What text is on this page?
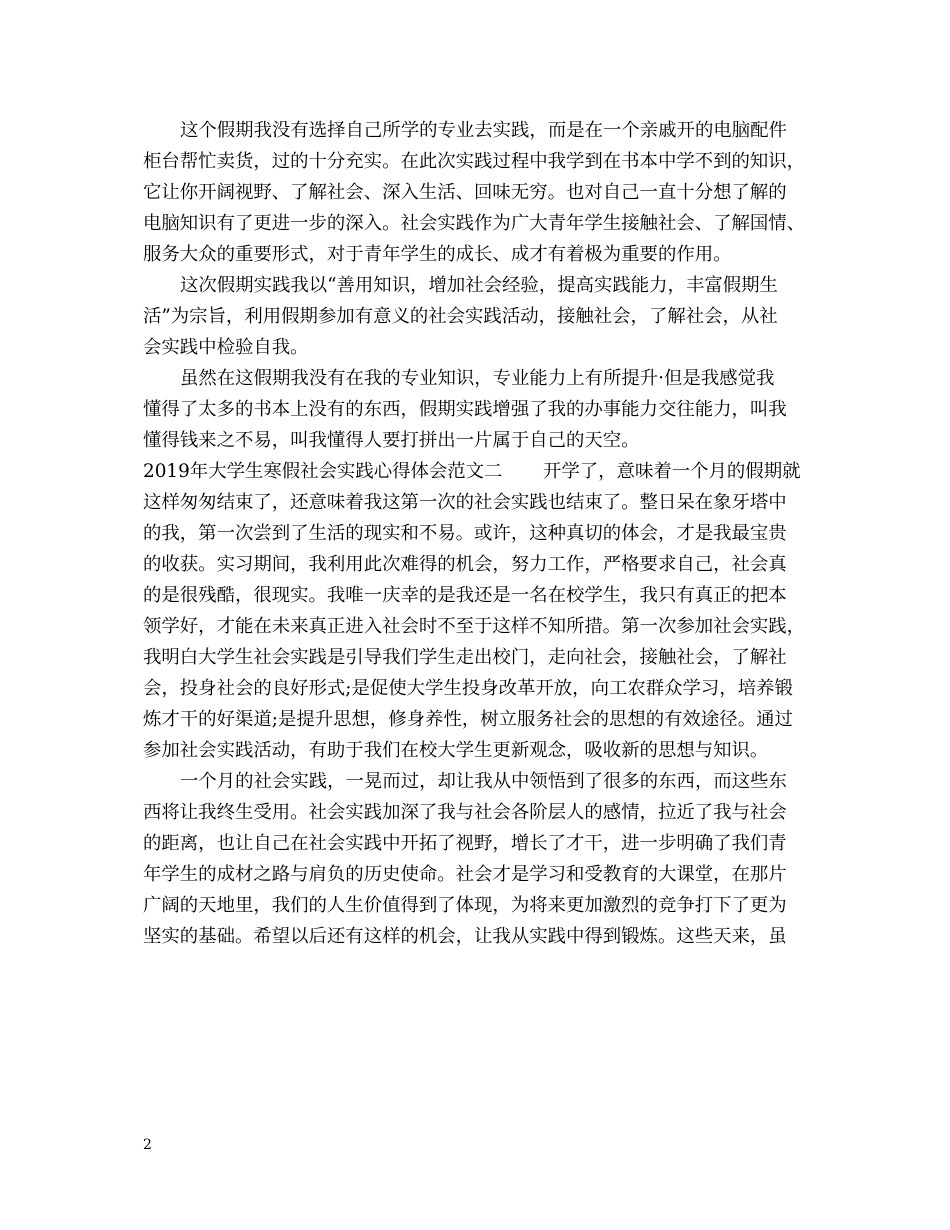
这个假期我没有选择自己所学的专业去实践，而是在一个亲戚开的电脑配件
柜台帮忙卖货，过的十分充实。在此次实践过程中我学到在书本中学不到的知识，
它让你开阔视野、了解社会、深入生活、回味无穷。也对自己一直十分想了解的
电脑知识有了更进一步的深入。社会实践作为广大青年学生接触社会、了解国情、
服务大众的重要形式，对于青年学生的成长、成才有着极为重要的作用。
这次假期实践我以“善用知识，增加社会经验，提高实践能力，丰富假期生
活”为宗旨，利用假期参加有意义的社会实践活动，接触社会，了解社会，从社
会实践中检验自我。
虽然在这假期我没有在我的专业知识，专业能力上有所提升·但是我感觉我
懂得了太多的书本上没有的东西，假期实践增强了我的办事能力交往能力，叫我
懂得钱来之不易，叫我懂得人要打拼出一片属于自己的天空。
2019年大学生寒假社会实践心得体会范文二 开学了，意味着一个月的假期就
这样匆匆结束了，还意味着我这第一次的社会实践也结束了。整日呆在象牙塔中
的我，第一次尝到了生活的现实和不易。或许，这种真切的体会，才是我最宝贵
的收获。实习期间，我利用此次难得的机会，努力工作，严格要求自己，社会真
的是很残酷，很现实。我唯一庆幸的是我还是一名在校学生，我只有真正的把本
领学好，才能在未来真正进入社会时不至于这样不知所措。第一次参加社会实践，
我明白大学生社会实践是引导我们学生走出校门，走向社会，接触社会，了解社
会，投身社会的良好形式;是促使大学生投身改革开放，向工农群众学习，培养锻
炼才干的好渠道;是提升思想，修身养性，树立服务社会的思想的有效途径。通过
参加社会实践活动，有助于我们在校大学生更新观念，吸收新的思想与知识。
一个月的社会实践，一晃而过，却让我从中领悟到了很多的东西，而这些东
西将让我终生受用。社会实践加深了我与社会各阶层人的感情，拉近了我与社会
的距离，也让自己在社会实践中开拓了视野，增长了才干，进一步明确了我们青
年学生的成材之路与肩负的历史使命。社会才是学习和受教育的大课堂，在那片
广阔的天地里，我们的人生价值得到了体现，为将来更加激烈的竞争打下了更为
坚实的基础。希望以后还有这样的机会，让我从实践中得到锻炼。这些天来，虽
2
